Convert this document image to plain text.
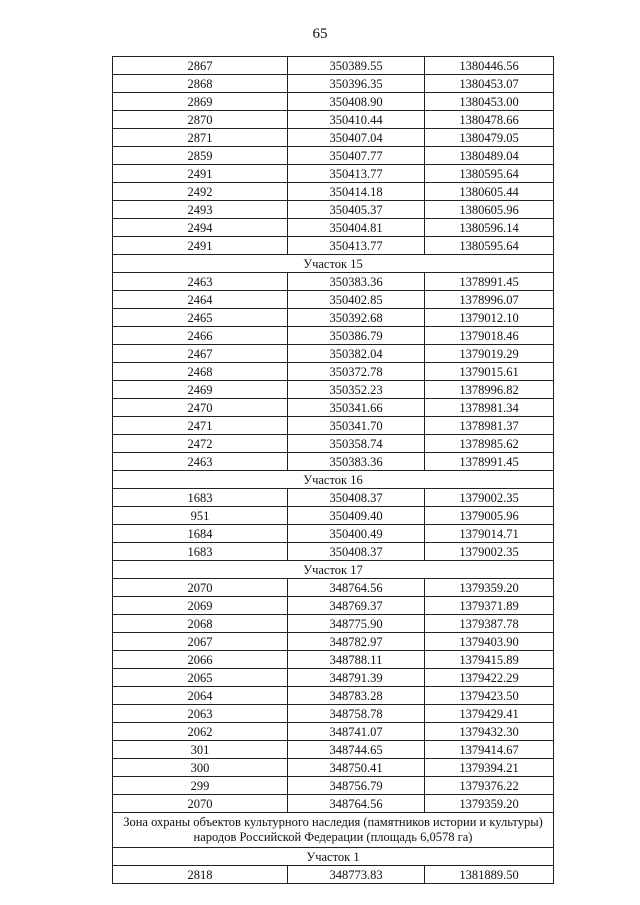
65
2867	350389.55	1380446.56
2868	350396.35	1380453.07
2869	350408.90	1380453.00
2870	350410.44	1380478.66
2871	350407.04	1380479.05
2859	350407.77	1380489.04
2491	350413.77	1380595.64
2492	350414.18	1380605.44
2493	350405.37	1380605.96
2494	350404.81	1380596.14
2491	350413.77	1380595.64
Участок 15		
2463	350383.36	1378991.45
2464	350402.85	1378996.07
2465	350392.68	1379012.10
2466	350386.79	1379018.46
2467	350382.04	1379019.29
2468	350372.78	1379015.61
2469	350352.23	1378996.82
2470	350341.66	1378981.34
2471	350341.70	1378981.37
2472	350358.74	1378985.62
2463	350383.36	1378991.45
Участок 16		
1683	350408.37	1379002.35
951	350409.40	1379005.96
1684	350400.49	1379014.71
1683	350408.37	1379002.35
Участок 17		
2070	348764.56	1379359.20
2069	348769.37	1379371.89
2068	348775.90	1379387.78
2067	348782.97	1379403.90
2066	348788.11	1379415.89
2065	348791.39	1379422.29
2064	348783.28	1379423.50
2063	348758.78	1379429.41
2062	348741.07	1379432.30
301	348744.65	1379414.67
300	348750.41	1379394.21
299	348756.79	1379376.22
2070	348764.56	1379359.20
Зона охраны объектов культурного наследия (памятников истории и культуры) народов Российской Федерации (площадь 6,0578 га)		
Участок 1		
2818	348773.83	1381889.50
